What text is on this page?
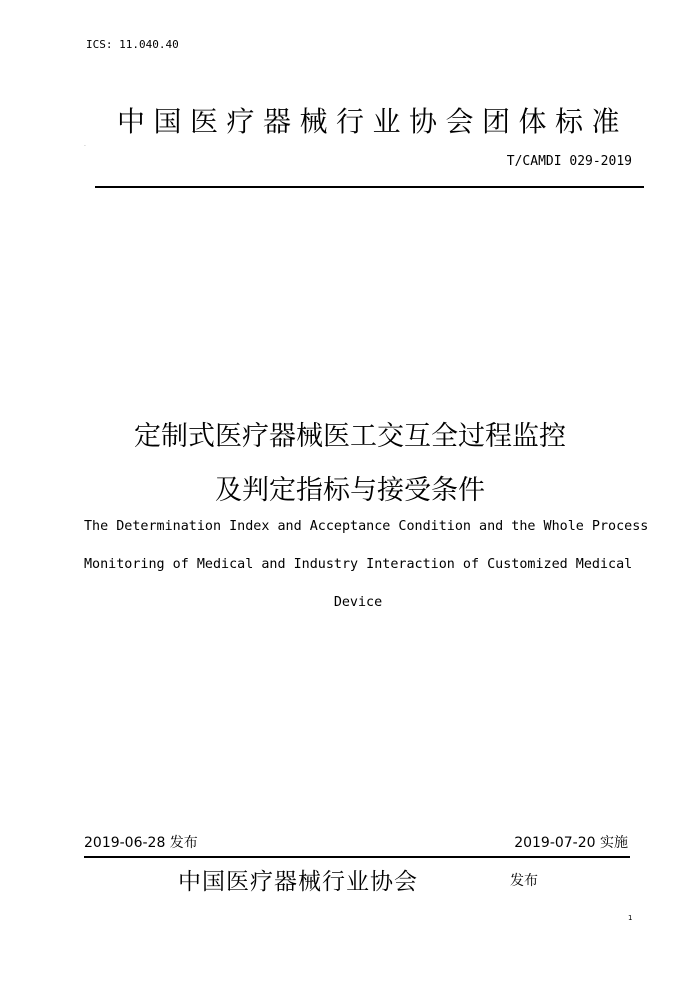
ICS: 11.040.40
中国医疗器械行业协会团体标准
.
T/CAMDI 029-2019
定制式医疗器械医工交互全过程监控
及判定指标与接受条件
The Determination Index and Acceptance Condition and the Whole Process
Monitoring of Medical and Industry Interaction of Customized Medical
Device
2019-06-28 发布	2019-07-20 实施
中国医疗器械行业协会	发布
1
